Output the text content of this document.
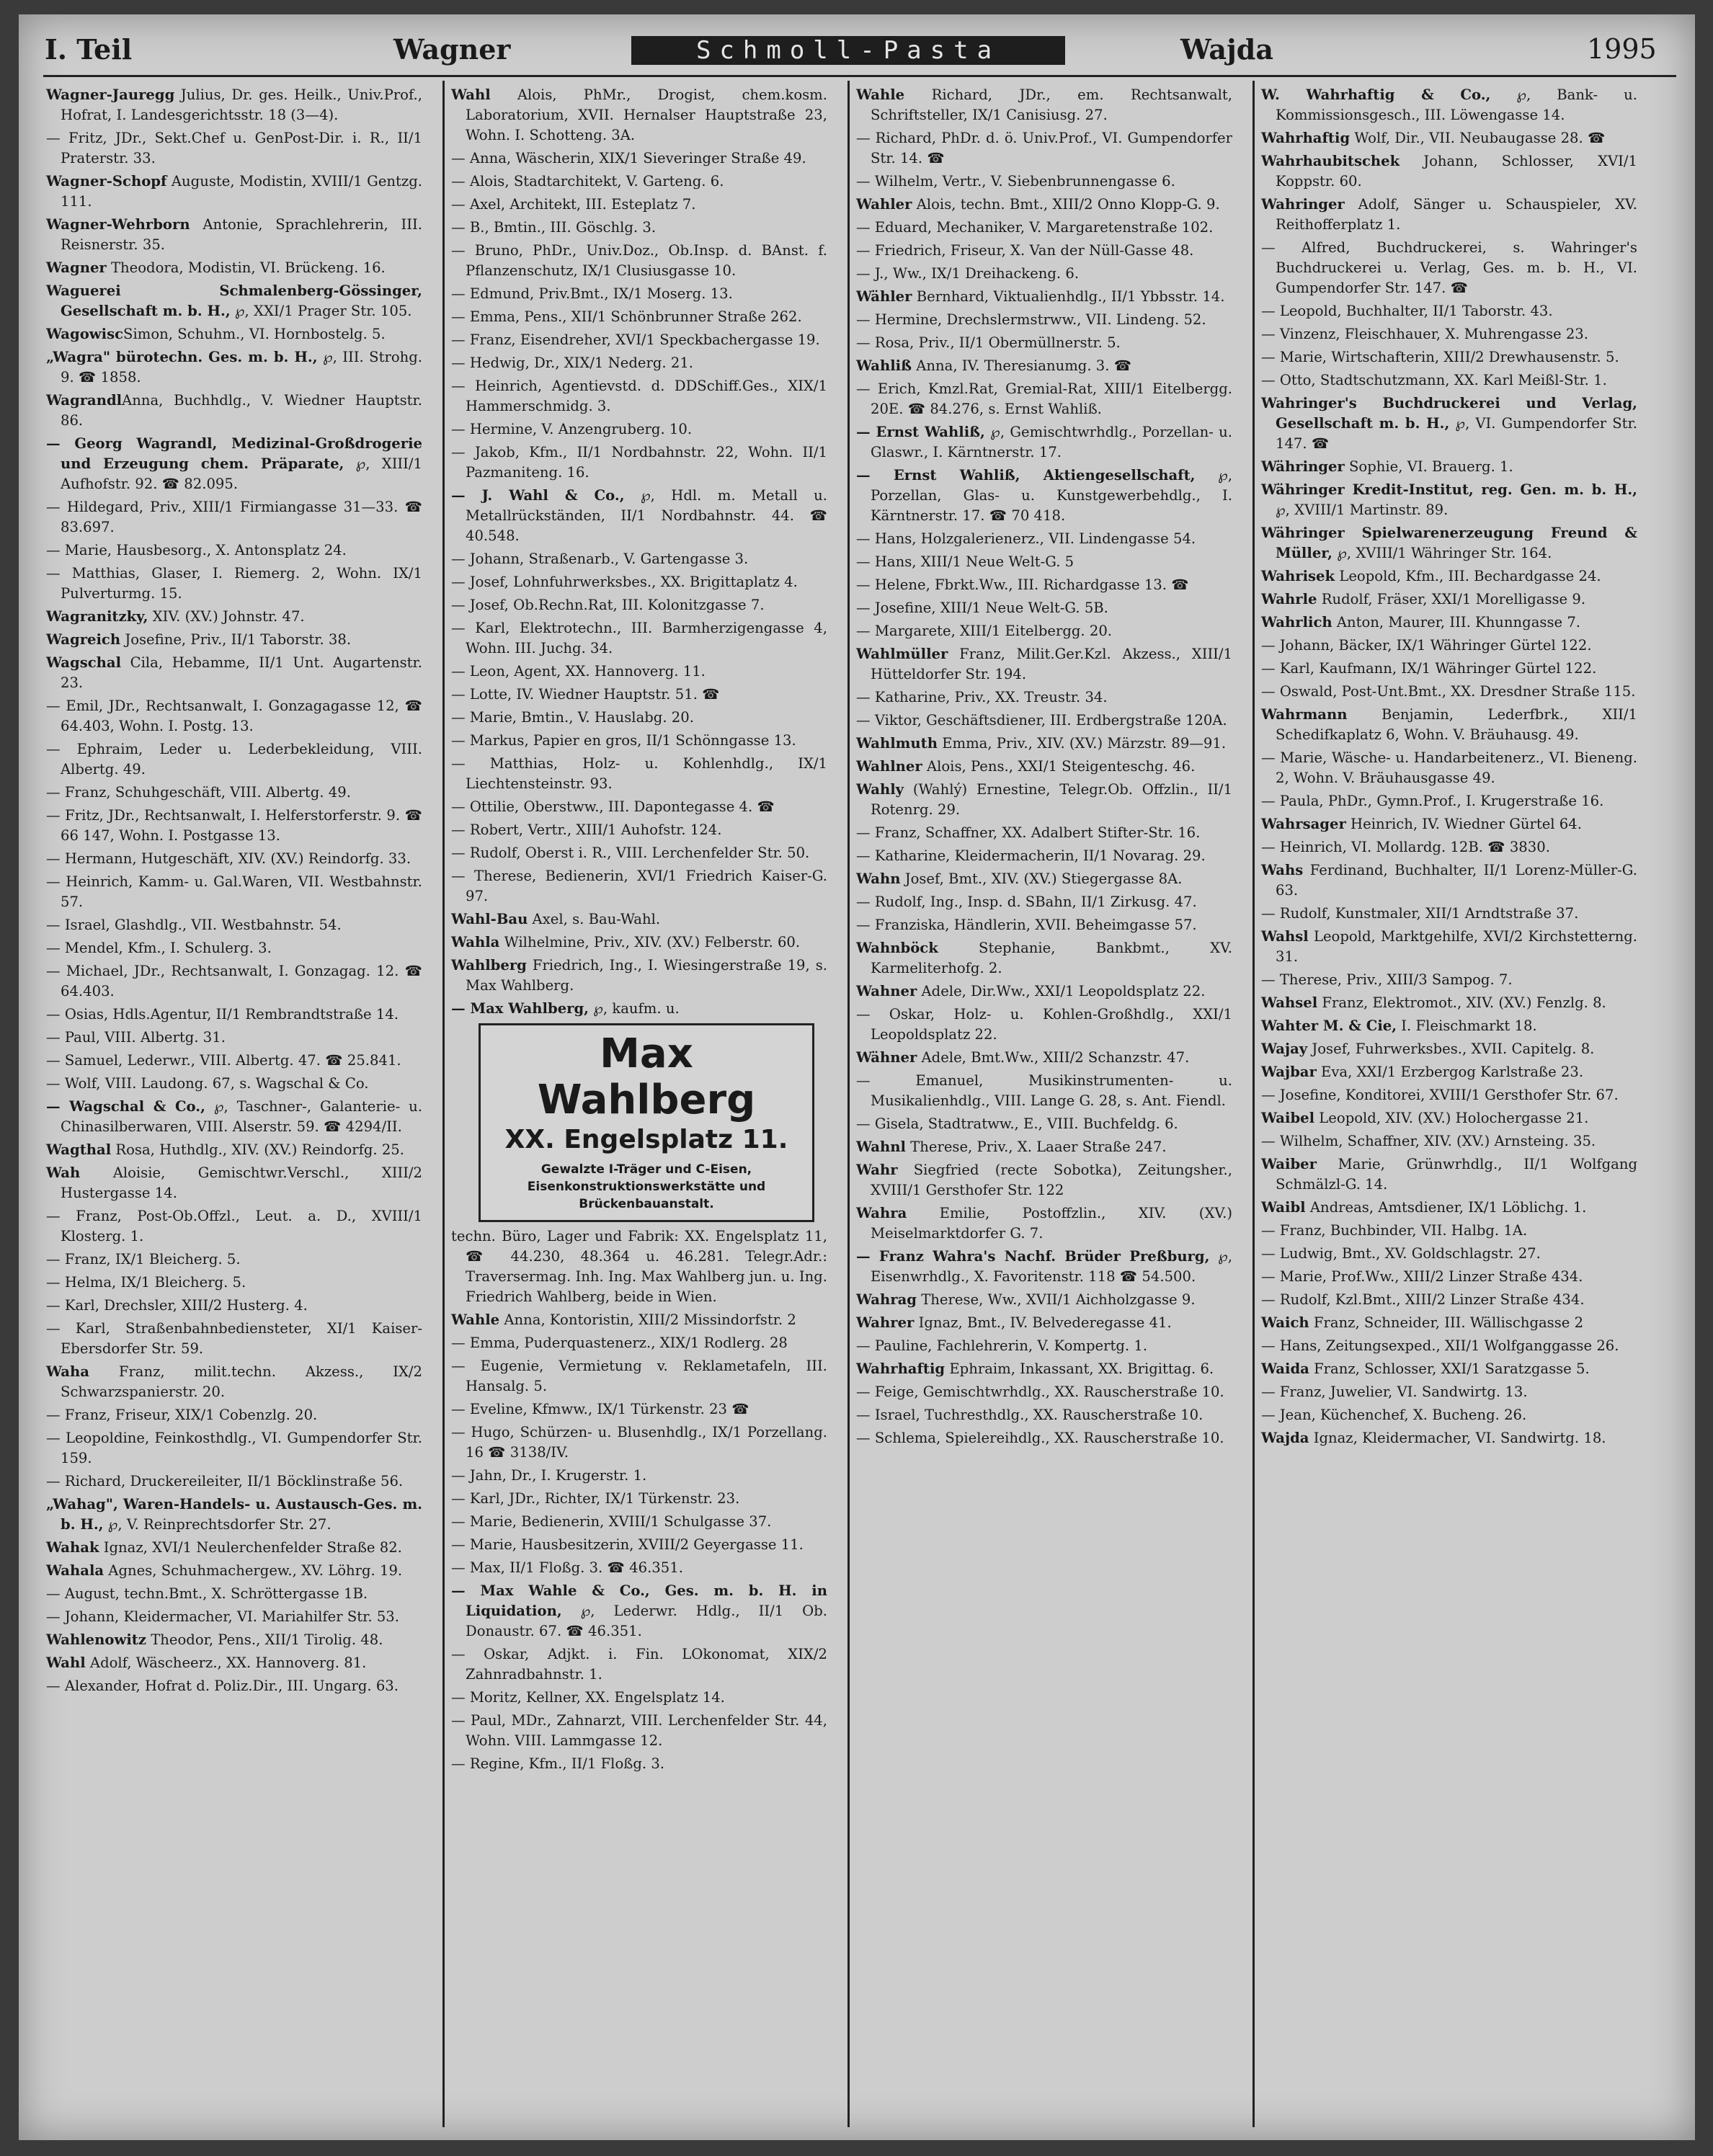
I. Teil	Wagner	Schmoll-Pasta	Wajda	1995
Wagner-Jauregg Julius, Dr. ges. Heilk., Univ.Prof., Hofrat, I. Landesgerichtsstr. 18 (3—4).
— Fritz, JDr., Sekt.Chef u. GenPost-Dir. i. R., II/1 Praterstr. 33.
Wagner-Schopf Auguste, Modistin, XVIII/1 Gentzg. 111.
Wagner-Wehrborn Antonie, Sprachlehrerin, III. Reisnerstr. 35.
Wagner Theodora, Modistin, VI. Brückeng. 16.
Waguerei Schmalenberg-Gössinger, Gesellschaft m. b. H., ℘, XXI/1 Prager Str. 105.
WagowiscSimon, Schuhm., VI. Hornbostelg. 5.
„Wagra" bürotechn. Ges. m. b. H., ℘, III. Strohg. 9. ☎ 1858.
WagrandlAnna, Buchhdlg., V. Wiedner Hauptstr. 86.
— Georg Wagrandl, Medizinal-Großdrogerie und Erzeugung chem. Präparate, ℘, XIII/1 Aufhofstr. 92. ☎ 82.095.
— Hildegard, Priv., XIII/1 Firmiangasse 31—33. ☎ 83.697.
— Marie, Hausbesorg., X. Antonsplatz 24.
— Matthias, Glaser, I. Riemerg. 2, Wohn. IX/1 Pulverturmg. 15.
Wagranitzky, XIV. (XV.) Johnstr. 47.
Wagreich Josefine, Priv., II/1 Taborstr. 38.
Wagschal Cila, Hebamme, II/1 Unt. Augartenstr. 23.
— Emil, JDr., Rechtsanwalt, I. Gonzagagasse 12, ☎ 64.403, Wohn. I. Postg. 13.
— Ephraim, Leder u. Lederbekleidung, VIII. Albertg. 49.
— Franz, Schuhgeschäft, VIII. Albertg. 49.
— Fritz, JDr., Rechtsanwalt, I. Helferstorferstr. 9. ☎ 66 147, Wohn. I. Postgasse 13.
— Hermann, Hutgeschäft, XIV. (XV.) Reindorfg. 33.
— Heinrich, Kamm- u. Gal.Waren, VII. Westbahnstr. 57.
— Israel, Glashdlg., VII. Westbahnstr. 54.
— Mendel, Kfm., I. Schulerg. 3.
— Michael, JDr., Rechtsanwalt, I. Gonzagag. 12. ☎ 64.403.
— Osias, Hdls.Agentur, II/1 Rembrandtstraße 14.
— Paul, VIII. Albertg. 31.
— Samuel, Lederwr., VIII. Albertg. 47. ☎ 25.841.
— Wolf, VIII. Laudong. 67, s. Wagschal & Co.
— Wagschal & Co., ℘, Taschner-, Galanterie- u. Chinasilberwaren, VIII. Alserstr. 59. ☎ 4294/II.
Wagthal Rosa, Huthdlg., XIV. (XV.) Reindorfg. 25.
Wah Aloisie, Gemischtwr.Verschl., XIII/2 Hustergasse 14.
— Franz, Post-Ob.Offzl., Leut. a. D., XVIII/1 Klosterg. 1.
— Franz, IX/1 Bleicherg. 5.
— Helma, IX/1 Bleicherg. 5.
— Karl, Drechsler, XIII/2 Husterg. 4.
— Karl, Straßenbahnbediensteter, XI/1 Kaiser-Ebersdorfer Str. 59.
Waha Franz, milit.techn. Akzess., IX/2 Schwarzspanierstr. 20.
— Franz, Friseur, XIX/1 Cobenzlg. 20.
— Leopoldine, Feinkosthdlg., VI. Gumpendorfer Str. 159.
— Richard, Druckereileiter, II/1 Böcklinstraße 56.
„Wahag", Waren-Handels- u. Austausch-Ges. m. b. H., ℘, V. Reinprechtsdorfer Str. 27.
Wahak Ignaz, XVI/1 Neulerchenfelder Straße 82.
Wahala Agnes, Schuhmachergew., XV. Löhrg. 19.
— August, techn.Bmt., X. Schröttergasse 1B.
— Johann, Kleidermacher, VI. Mariahilfer Str. 53.
Wahlenowitz Theodor, Pens., XII/1 Tirolig. 48.
Wahl Adolf, Wäscheerz., XX. Hannoverg. 81.
— Alexander, Hofrat d. Poliz.Dir., III. Ungarg. 63.
Wahl Alois, PhMr., Drogist, chem.kosm. Laboratorium, XVII. Hernalser Hauptstraße 23, Wohn. I. Schotteng. 3A.
— Anna, Wäscherin, XIX/1 Sieveringer Straße 49.
— Alois, Stadtarchitekt, V. Garteng. 6.
— Axel, Architekt, III. Esteplatz 7.
— B., Bmtin., III. Göschlg. 3.
— Bruno, PhDr., Univ.Doz., Ob.Insp. d. BAnst. f. Pflanzenschutz, IX/1 Clusiusgasse 10.
— Edmund, Priv.Bmt., IX/1 Moserg. 13.
— Emma, Pens., XII/1 Schönbrunner Straße 262.
— Franz, Eisendreher, XVI/1 Speckbachergasse 19.
— Hedwig, Dr., XIX/1 Nederg. 21.
— Heinrich, Agentievstd. d. DDSchiff.Ges., XIX/1 Hammerschmidg. 3.
— Hermine, V. Anzengruberg. 10.
— Jakob, Kfm., II/1 Nordbahnstr. 22, Wohn. II/1 Pazmaniteng. 16.
— J. Wahl & Co., ℘, Hdl. m. Metall u. Metallrückständen, II/1 Nordbahnstr. 44. ☎ 40.548.
— Johann, Straßenarb., V. Gartengasse 3.
— Josef, Lohnfuhrwerksbes., XX. Brigittaplatz 4.
— Josef, Ob.Rechn.Rat, III. Kolonitzgasse 7.
— Karl, Elektrotechn., III. Barmherzigengasse 4, Wohn. III. Juchg. 34.
— Leon, Agent, XX. Hannoverg. 11.
— Lotte, IV. Wiedner Hauptstr. 51. ☎
— Marie, Bmtin., V. Hauslabg. 20.
— Markus, Papier en gros, II/1 Schönngasse 13.
— Matthias, Holz- u. Kohlenhdlg., IX/1 Liechtensteinstr. 93.
— Ottilie, Oberstww., III. Dapontegasse 4. ☎
— Robert, Vertr., XIII/1 Auhofstr. 124.
— Rudolf, Oberst i. R., VIII. Lerchenfelder Str. 50.
— Therese, Bedienerin, XVI/1 Friedrich Kaiser-G. 97.
Wahl-Bau Axel, s. Bau-Wahl.
Wahla Wilhelmine, Priv., XIV. (XV.) Felberstr. 60.
Wahlberg Friedrich, Ing., I. Wiesingerstraße 19, s. Max Wahlberg.
— Max Wahlberg, ℘, kaufm. u.
Max Wahlberg
XX. Engelsplatz 11.
Gewalzte I-Träger und C-Eisen, Eisenkonstruktionswerkstätte und Brückenbauanstalt.
techn. Büro, Lager und Fabrik: XX. Engelsplatz 11, ☎ 44.230, 48.364 u. 46.281. Telegr.Adr.: Traversermag. Inh. Ing. Max Wahlberg jun. u. Ing. Friedrich Wahlberg, beide in Wien.
Wahle Anna, Kontoristin, XIII/2 Missindorfstr. 2
— Emma, Puderquastenerz., XIX/1 Rodlerg. 28
— Eugenie, Vermietung v. Reklametafeln, III. Hansalg. 5.
— Eveline, Kfmww., IX/1 Türkenstr. 23 ☎
— Hugo, Schürzen- u. Blusenhdlg., IX/1 Porzellang. 16 ☎ 3138/IV.
— Jahn, Dr., I. Krugerstr. 1.
— Karl, JDr., Richter, IX/1 Türkenstr. 23.
— Marie, Bedienerin, XVIII/1 Schulgasse 37.
— Marie, Hausbesitzerin, XVIII/2 Geyergasse 11.
— Max, II/1 Floßg. 3. ☎ 46.351.
— Max Wahle & Co., Ges. m. b. H. in Liquidation, ℘, Lederwr. Hdlg., II/1 Ob. Donaustr. 67. ☎ 46.351.
— Oskar, Adjkt. i. Fin. LOkonomat, XIX/2 Zahnradbahnstr. 1.
— Moritz, Kellner, XX. Engelsplatz 14.
— Paul, MDr., Zahnarzt, VIII. Lerchenfelder Str. 44, Wohn. VIII. Lammgasse 12.
— Regine, Kfm., II/1 Floßg. 3.
Wahle Richard, JDr., em. Rechtsanwalt, Schriftsteller, IX/1 Canisiusg. 27.
— Richard, PhDr. d. ö. Univ.Prof., VI. Gumpendorfer Str. 14. ☎
— Wilhelm, Vertr., V. Siebenbrunnengasse 6.
Wahler Alois, techn. Bmt., XIII/2 Onno Klopp-G. 9.
— Eduard, Mechaniker, V. Margaretenstraße 102.
— Friedrich, Friseur, X. Van der Nüll-Gasse 48.
— J., Ww., IX/1 Dreihackeng. 6.
Wähler Bernhard, Viktualienhdlg., II/1 Ybbsstr. 14.
— Hermine, Drechslermstrww., VII. Lindeng. 52.
— Rosa, Priv., II/1 Obermüllnerstr. 5.
Wahliß Anna, IV. Theresianumg. 3. ☎
— Erich, Kmzl.Rat, Gremial-Rat, XIII/1 Eitelbergg. 20E. ☎ 84.276, s. Ernst Wahliß.
— Ernst Wahliß, ℘, Gemischtwrhdlg., Porzellan- u. Glaswr., I. Kärntnerstr. 17.
— Ernst Wahliß, Aktiengesellschaft, ℘, Porzellan, Glas- u. Kunstgewerbehdlg., I. Kärntnerstr. 17. ☎ 70 418.
— Hans, Holzgalerienerz., VII. Lindengasse 54.
— Hans, XIII/1 Neue Welt-G. 5
— Helene, Fbrkt.Ww., III. Richardgasse 13. ☎
— Josefine, XIII/1 Neue Welt-G. 5B.
— Margarete, XIII/1 Eitelbergg. 20.
Wahlmüller Franz, Milit.Ger.Kzl. Akzess., XIII/1 Hütteldorfer Str. 194.
— Katharine, Priv., XX. Treustr. 34.
— Viktor, Geschäftsdiener, III. Erdbergstraße 120A.
Wahlmuth Emma, Priv., XIV. (XV.) Märzstr. 89—91.
Wahlner Alois, Pens., XXI/1 Steigenteschg. 46.
Wahly (Wahlý) Ernestine, Telegr.Ob. Offzlin., II/1 Rotenrg. 29.
— Franz, Schaffner, XX. Adalbert Stifter-Str. 16.
— Katharine, Kleidermacherin, II/1 Novarag. 29.
Wahn Josef, Bmt., XIV. (XV.) Stiegergasse 8A.
— Rudolf, Ing., Insp. d. SBahn, II/1 Zirkusg. 47.
— Franziska, Händlerin, XVII. Beheimgasse 57.
Wahnböck Stephanie, Bankbmt., XV. Karmeliterhofg. 2.
Wahner Adele, Dir.Ww., XXI/1 Leopoldsplatz 22.
— Oskar, Holz- u. Kohlen-Großhdlg., XXI/1 Leopoldsplatz 22.
Wähner Adele, Bmt.Ww., XIII/2 Schanzstr. 47.
— Emanuel, Musikinstrumenten- u. Musikalienhdlg., VIII. Lange G. 28, s. Ant. Fiendl.
— Gisela, Stadtratww., E., VIII. Buchfeldg. 6.
Wahnl Therese, Priv., X. Laaer Straße 247.
Wahr Siegfried (recte Sobotka), Zeitungsher., XVIII/1 Gersthofer Str. 122
Wahra Emilie, Postoffzlin., XIV. (XV.) Meiselmarktdorfer G. 7.
— Franz Wahra's Nachf. Brüder Preßburg, ℘, Eisenwrhdlg., X. Favoritenstr. 118 ☎ 54.500.
Wahrag Therese, Ww., XVII/1 Aichholzgasse 9.
Wahrer Ignaz, Bmt., IV. Belvederegasse 41.
— Pauline, Fachlehrerin, V. Kompertg. 1.
Wahrhaftig Ephraim, Inkassant, XX. Brigittag. 6.
— Feige, Gemischtwrhdlg., XX. Rauscherstraße 10.
— Israel, Tuchresthdlg., XX. Rauscherstraße 10.
— Schlema, Spielereihdlg., XX. Rauscherstraße 10.
W. Wahrhaftig & Co., ℘, Bank- u. Kommissionsgesch., III. Löwengasse 14.
Wahrhaftig Wolf, Dir., VII. Neubaugasse 28. ☎
Wahrhaubitschek Johann, Schlosser, XVI/1 Koppstr. 60.
Wahringer Adolf, Sänger u. Schauspieler, XV. Reithofferplatz 1.
— Alfred, Buchdruckerei, s. Wahringer's Buchdruckerei u. Verlag, Ges. m. b. H., VI. Gumpendorfer Str. 147. ☎
— Leopold, Buchhalter, II/1 Taborstr. 43.
— Vinzenz, Fleischhauer, X. Muhrengasse 23.
— Marie, Wirtschafterin, XIII/2 Drewhausenstr. 5.
— Otto, Stadtschutzmann, XX. Karl Meißl-Str. 1.
Wahringer's Buchdruckerei und Verlag, Gesellschaft m. b. H., ℘, VI. Gumpendorfer Str. 147. ☎
Währinger Sophie, VI. Brauerg. 1.
Währinger Kredit-Institut, reg. Gen. m. b. H., ℘, XVIII/1 Martinstr. 89.
Währinger Spielwarenerzeugung Freund & Müller, ℘, XVIII/1 Währinger Str. 164.
Wahrisek Leopold, Kfm., III. Bechardgasse 24.
Wahrle Rudolf, Fräser, XXI/1 Morelligasse 9.
Wahrlich Anton, Maurer, III. Khunngasse 7.
— Johann, Bäcker, IX/1 Währinger Gürtel 122.
— Karl, Kaufmann, IX/1 Währinger Gürtel 122.
— Oswald, Post-Unt.Bmt., XX. Dresdner Straße 115.
Wahrmann Benjamin, Lederfbrk., XII/1 Schedifkaplatz 6, Wohn. V. Bräuhausg. 49.
— Marie, Wäsche- u. Handarbeitenerz., VI. Bieneng. 2, Wohn. V. Bräuhausgasse 49.
— Paula, PhDr., Gymn.Prof., I. Krugerstraße 16.
Wahrsager Heinrich, IV. Wiedner Gürtel 64.
— Heinrich, VI. Mollardg. 12B. ☎ 3830.
Wahs Ferdinand, Buchhalter, II/1 Lorenz-Müller-G. 63.
— Rudolf, Kunstmaler, XII/1 Arndtstraße 37.
Wahsl Leopold, Marktgehilfe, XVI/2 Kirchstetterng. 31.
— Therese, Priv., XIII/3 Sampog. 7.
Wahsel Franz, Elektromot., XIV. (XV.) Fenzlg. 8.
Wahter M. & Cie, I. Fleischmarkt 18.
Wajay Josef, Fuhrwerksbes., XVII. Capitelg. 8.
Wajbar Eva, XXI/1 Erzbergog Karlstraße 23.
— Josefine, Konditorei, XVIII/1 Gersthofer Str. 67.
Waibel Leopold, XIV. (XV.) Holochergasse 21.
— Wilhelm, Schaffner, XIV. (XV.) Arnsteing. 35.
Waiber Marie, Grünwrhdlg., II/1 Wolfgang Schmälzl-G. 14.
Waibl Andreas, Amtsdiener, IX/1 Löblichg. 1.
— Franz, Buchbinder, VII. Halbg. 1A.
— Ludwig, Bmt., XV. Goldschlagstr. 27.
— Marie, Prof.Ww., XIII/2 Linzer Straße 434.
— Rudolf, Kzl.Bmt., XIII/2 Linzer Straße 434.
Waich Franz, Schneider, III. Wällischgasse 2
— Hans, Zeitungsexped., XII/1 Wolfganggasse 26.
Waida Franz, Schlosser, XXI/1 Saratzgasse 5.
— Franz, Juwelier, VI. Sandwirtg. 13.
— Jean, Küchenchef, X. Bucheng. 26.
Wajda Ignaz, Kleidermacher, VI. Sandwirtg. 18.
